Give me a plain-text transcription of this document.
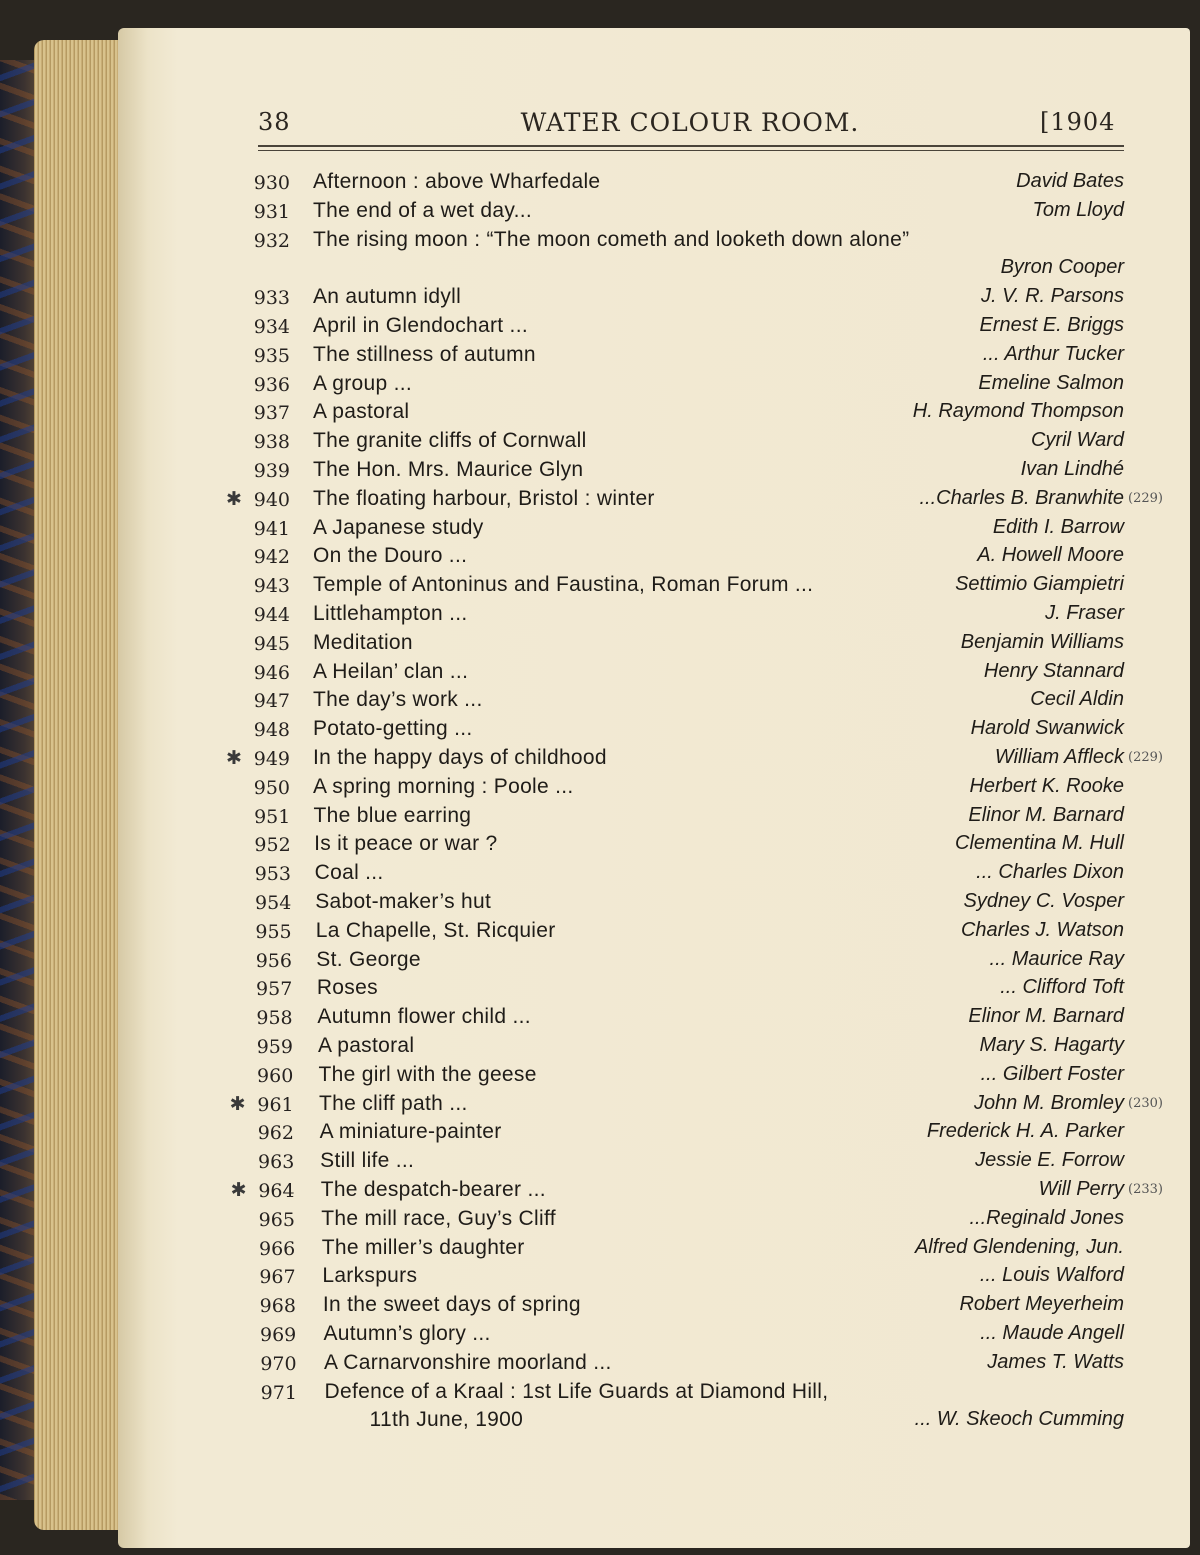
38	WATER COLOUR ROOM.	[1904
930 Afternoon : above Wharfedale	David Bates
931 The end of a wet day...	Tom Lloyd
932 The rising moon : “The moon cometh and looketh down alone”
Byron Cooper
933 An autumn idyll	J. V. R. Parsons
934 April in Glendochart ...	Ernest E. Briggs
935 The stillness of autumn	... Arthur Tucker
936 A group ...	Emeline Salmon
937 A pastoral	H. Raymond Thompson
938 The granite cliffs of Cornwall	Cyril Ward
939 The Hon. Mrs. Maurice Glyn	Ivan Lindhé
✱ 940 The floating harbour, Bristol : winter	...Charles B. Branwhite (229)
941 A Japanese study	Edith I. Barrow
942 On the Douro ...	A. Howell Moore
943 Temple of Antoninus and Faustina, Roman Forum ...	Settimio Giampietri
944 Littlehampton ...	J. Fraser
945 Meditation	Benjamin Williams
946 A Heilan’ clan ...	Henry Stannard
947 The day’s work ...	Cecil Aldin
948 Potato-getting ...	Harold Swanwick
✱ 949 In the happy days of childhood	William Affleck (229)
950 A spring morning : Poole ...	Herbert K. Rooke
951 The blue earring	Elinor M. Barnard
952 Is it peace or war ?	Clementina M. Hull
953 Coal ...	... Charles Dixon
954 Sabot-maker’s hut	Sydney C. Vosper
955 La Chapelle, St. Ricquier	Charles J. Watson
956 St. George	... Maurice Ray
957 Roses	... Clifford Toft
958 Autumn flower child ...	Elinor M. Barnard
959 A pastoral	Mary S. Hagarty
960 The girl with the geese	... Gilbert Foster
✱ 961 The cliff path ...	John M. Bromley (230)
962 A miniature-painter	Frederick H. A. Parker
963 Still life ...	Jessie E. Forrow
✱ 964 The despatch-bearer ...	Will Perry (233)
965 The mill race, Guy’s Cliff	...Reginald Jones
966 The miller’s daughter	Alfred Glendening, Jun.
967 Larkspurs	... Louis Walford
968 In the sweet days of spring	Robert Meyerheim
969 Autumn’s glory ...	... Maude Angell
970 A Carnarvonshire moorland ...	James T. Watts
971 Defence of a Kraal : 1st Life Guards at Diamond Hill,
11th June, 1900	... W. Skeoch Cumming
